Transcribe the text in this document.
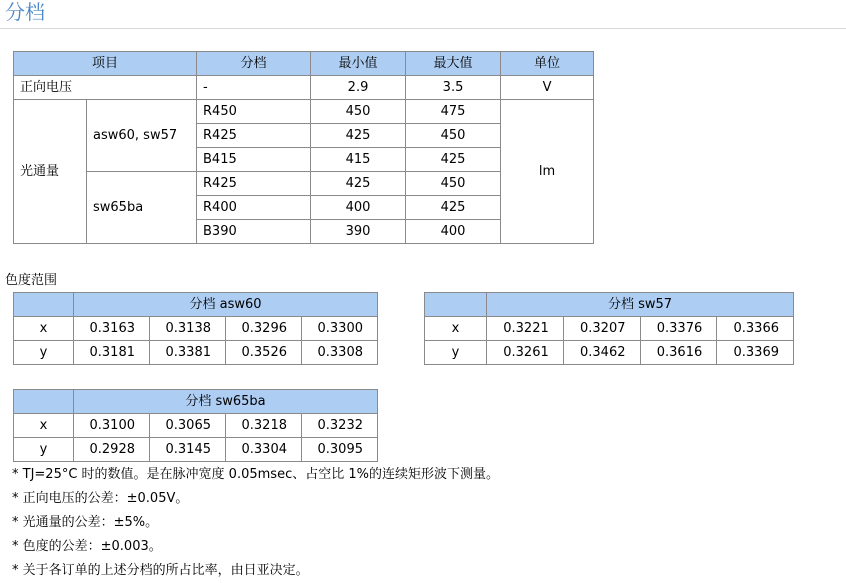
分档
项目		分档	最小值	最大值	单位
正向电压		-	2.9	3.5	V
光通量	asw60, sw57	R450	450	475	lm
		R425	425	450	
		B415	415	425	
	sw65ba	R425	425	450	
		R400	400	425	
		B390	390	400	
色度范围
	分档 asw60			
x	0.3163	0.3138	0.3296	0.3300
y	0.3181	0.3381	0.3526	0.3308
	分档 sw57			
x	0.3221	0.3207	0.3376	0.3366
y	0.3261	0.3462	0.3616	0.3369
	分档 sw65ba			
x	0.3100	0.3065	0.3218	0.3232
y	0.2928	0.3145	0.3304	0.3095
* TJ=25°C 时的数值。是在脉冲宽度 0.05msec、占空比 1%的连续矩形波下测量。
* 正向电压的公差：±0.05V。
* 光通量的公差：±5%。
* 色度的公差：±0.003。
* 关于各订单的上述分档的所占比率，由日亚决定。
